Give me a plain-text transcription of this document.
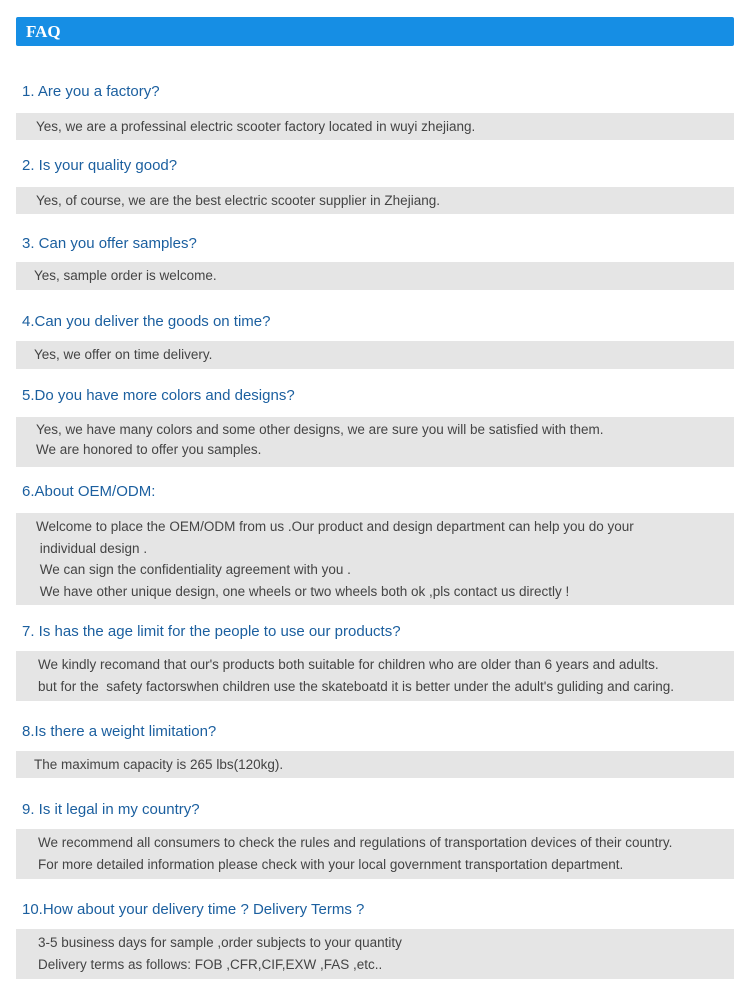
FAQ
1. Are you a factory?
Yes, we are a professinal electric scooter factory located in wuyi zhejiang.
2. Is your quality good?
Yes, of course, we are the best electric scooter supplier in Zhejiang.
3. Can you offer samples?
Yes, sample order is welcome.
4.Can you deliver the goods on time?
Yes, we offer on time delivery.
5.Do you have more colors and designs?
Yes, we have many colors and some other designs, we are sure you will be satisfied with them.
We are honored to offer you samples.
6.About OEM/ODM:
Welcome to place the OEM/ODM from us .Our product and design department can help you do your
individual design .
We can sign the confidentiality agreement with you .
We have other unique design, one wheels or two wheels both ok ,pls contact us directly !
7. Is has the age limit for the people to use our products?
We kindly recomand that our's products both suitable for children who are older than 6 years and adults.
but for the  safety factorswhen children use the skateboatd it is better under the adult's guliding and caring.
8.Is there a weight limitation?
The maximum capacity is 265 lbs(120kg).
9. Is it legal in my country?
We recommend all consumers to check the rules and regulations of transportation devices of their country.
For more detailed information please check with your local government transportation department.
10.How about your delivery time ? Delivery Terms ?
3-5 business days for sample ,order subjects to your quantity
Delivery terms as follows: FOB ,CFR,CIF,EXW ,FAS ,etc..
